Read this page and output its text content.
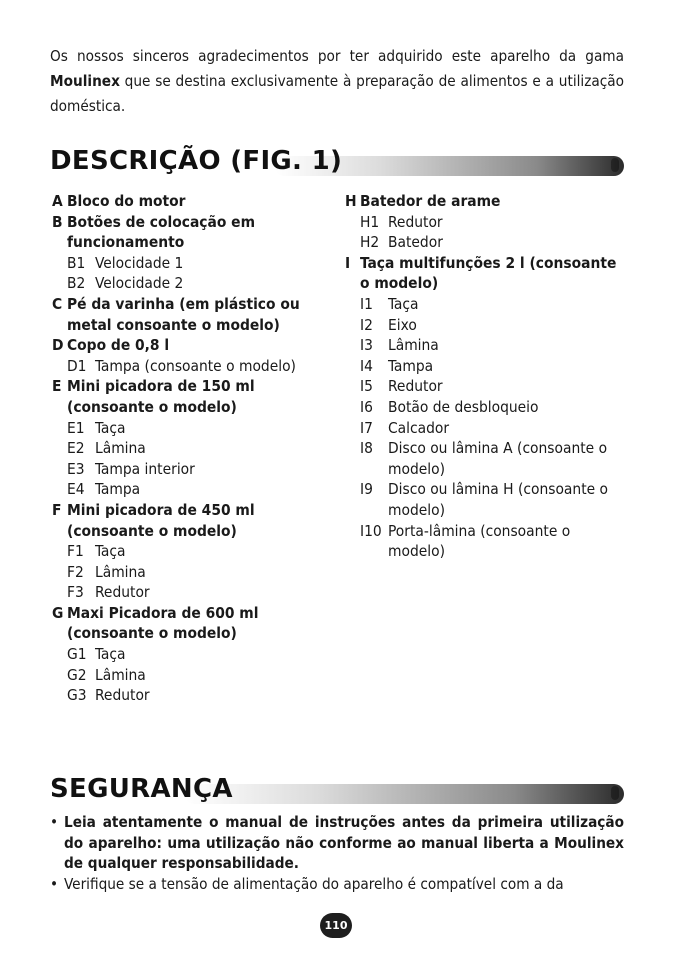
Os nossos sinceros agradecimentos por ter adquirido este aparelho da gama Moulinex que se destina exclusivamente à preparação de alimentos e a utilização doméstica.

DESCRIÇÃO (FIG. 1)
A Bloco do motor
B Botões de colocação em funcionamento
B1 Velocidade 1
B2 Velocidade 2
C Pé da varinha (em plástico ou metal consoante o modelo)
D Copo de 0,8 l
D1 Tampa (consoante o modelo)
E Mini picadora de 150 ml (consoante o modelo)
E1 Taça
E2 Lâmina
E3 Tampa interior
E4 Tampa
F Mini picadora de 450 ml (consoante o modelo)
F1 Taça
F2 Lâmina
F3 Redutor
G Maxi Picadora de 600 ml (consoante o modelo)
G1 Taça
G2 Lâmina
G3 Redutor
H Batedor de arame
H1 Redutor
H2 Batedor
I Taça multifunções 2 l (consoante o modelo)
I1 Taça
I2 Eixo
I3 Lâmina
I4 Tampa
I5 Redutor
I6 Botão de desbloqueio
I7 Calcador
I8 Disco ou lâmina A (consoante o modelo)
I9 Disco ou lâmina H (consoante o modelo)
I10 Porta-lâmina (consoante o modelo)
SEGURANÇA
• Leia atentamente o manual de instruções antes da primeira utilização do aparelho: uma utilização não conforme ao manual liberta a Moulinex de qualquer responsabilidade.
• Verifique se a tensão de alimentação do aparelho é compatível com a da
110
